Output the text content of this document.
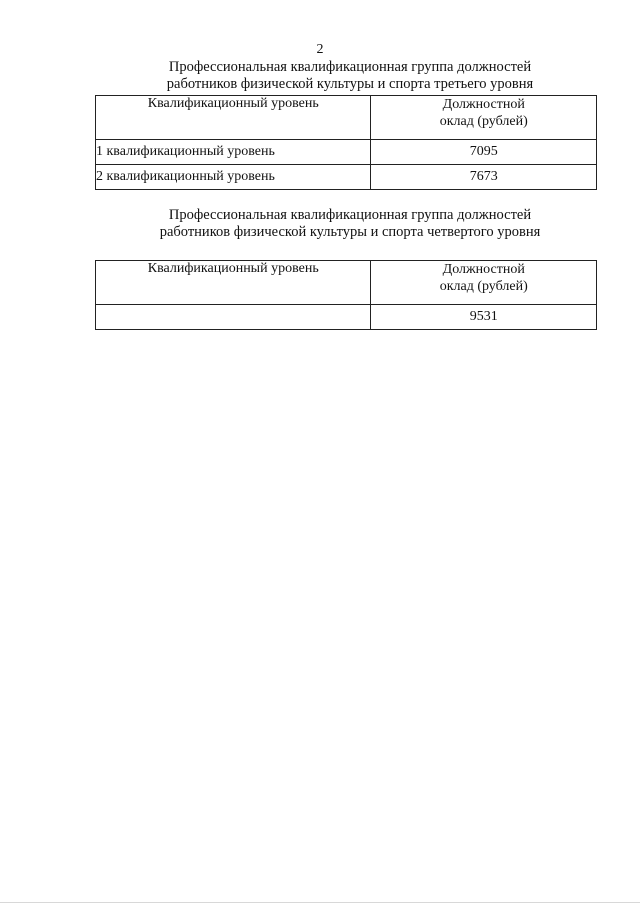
2
Профессиональная квалификационная группа должностей
работников физической культуры и спорта третьего уровня
Квалификационный уровень	Должностной
оклад (рублей)

1 квалификационный уровень	7095
2 квалификационный уровень	7673
Профессиональная квалификационная группа должностей
работников физической культуры и спорта четвертого уровня
Квалификационный уровень	Должностной
оклад (рублей)

	9531
